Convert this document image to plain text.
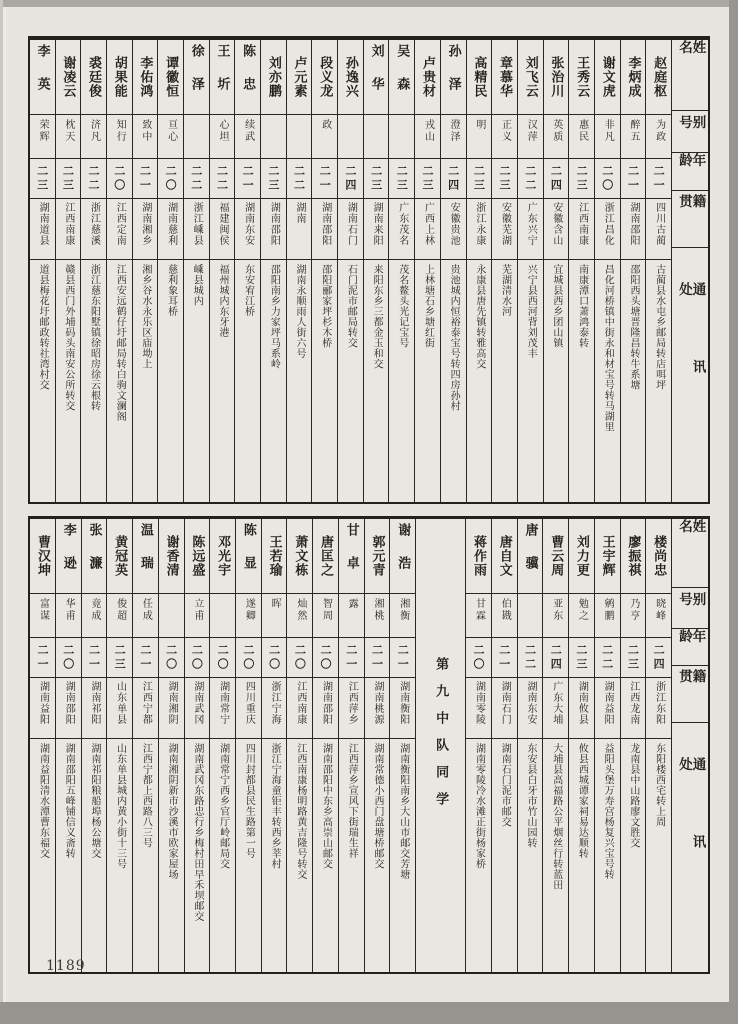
姓名
别号
年龄
籍贯
通讯处
赵庭枢
为政
二一
四川古蔺
古蔺县水屯乡邮局转店咡坪
李炳成
醉五
二一
湖南邵阳
邵阳西头塘晋隆昌转牛系塘
谢文虎
非凡
二〇
浙江昌化
昌化河桥镇中街永和材宝号转马湖里
王秀云
惠民
二三
江西南康
南康潭口萧鸿泰转
张治川
英质
二四
安徽含山
宜城县西乡团山镇
刘飞云
汉萍
二二
广东兴宁
兴宁县西河背刘茂丰
章慕华
正义
二三
安徽芜湖
芜湖清水河
高精民
明
二三
浙江永康
永康县唐先镇转雅高交
孙泽
澄泽
二四
安徽贵池
贵池城内恒裕泰宝号转四房孙村
卢贵材
戎山
二三
广西上林
上林塘石乡塘红街
吴森
二三
广东茂名
茂名鳌头光记宝号
刘华
二三
湖南来阳
来阳东乡三都金玉和交
孙逸兴
二四
湖南石门
石门泥市邮局转交
段义龙
政
二一
湖南邵阳
邵阳郦家坪杉木桥
卢元素
二二
湖南
湖南永顺雨人街六号
刘亦鹏
二三
湖南邵阳
邵阳南乡力家坪马系岭
陈忠
续武
二一
湖南东安
东安宥江桥
王圻
心坦
二二
福建闽侯
福州城内东牙港
徐泽
二二
浙江嵊县
嵊县城内
谭徽恒
亘心
二〇
湖南慈利
慈利象耳桥
李佑鸿
致中
二一
湖南湘乡
湘乡谷水永乐区庙坳上
胡果能
知行
二〇
江西定南
江西安远鹤仔圩邮局转白驹文澜阁
裘廷俊
济凡
二二
浙江慈溪
浙江慈东阳墅镇徐昭房徐云根转
谢凌云
枕天
二三
江西南康
赣县西门外埔码头南安公所转交
李英
荣辉
二三
湖南道县
道县梅花圩邮政转社湾村交
姓名
别号
年龄
籍贯
通讯处
楼尚忠
晓峰
二四
浙江东阳
东阳楼西宅转上周
廖振祺
乃亨
二三
江西龙南
龙南县中山路廖文胜交
王宇辉
鹓鹏
二二
湖南益阳
益阳头堡万寿宫杨复兴宝号转
刘力更
勉之
二三
湖南攸县
攸县西城谭家祠易达顺转
曹云周
亚东
二四
广东大埔
大埔县高福路公平烟丝行转蓝田
唐骥
二二
湖南东安
东安县白牙市竹山园转
唐自文
伯戡
二一
湖南石门
湖南石门泥市邮交
蒋作雨
甘霖
二〇
湖南零陵
湖南零陵冷水滩正街杨家桥
第九中队同学
谢浩
湘衡
二一
湖南衡阳
湖南衡阳南乡大山市邮交芳塘
郭元青
湘桃
二一
湖南桃源
湖南常德小西门盘塘桥邮交
甘卓
露
二一
江西萍乡
江西萍乡宣风下街瑞生祥
唐匡之
智周
二〇
湖南邵阳
湖南邵阳中东乡高崇山邮交
萧文栋
灿然
二〇
江西南康
江西南康杨明路黄吉隆号转交
王若瑜
晖
二〇
浙江宁海
浙江宁海童钜丰转西乡莘村
陈显
遂卿
二〇
四川重庆
四川封都县民生路第一号
邓光宇
二〇
湖南常宁
湖南常宁西乡官厅岭邮局交
陈远盛
立甫
二〇
湖南武冈
湖南武冈东路忠行乡梅村田早禾坝邮交
谢香清
二〇
湖南湘阴
湖南湘阴新市沙溪市欧家屋场
温瑞
任成
二一
江西宁都
江西宁都上西路八三号
黄冠英
俊超
二三
山东单县
山东单县城内黄小街十三号
张濂
竟成
二一
湖南祁阳
湖南祁阳粮船埠杨公塘交
李逊
华甫
二〇
湖南邵阳
湖南邵阳五峰铺信义斋转
曹汉坤
富谋
二一
湖南益阳
湖南益阳清水潭曹东福交
1189
